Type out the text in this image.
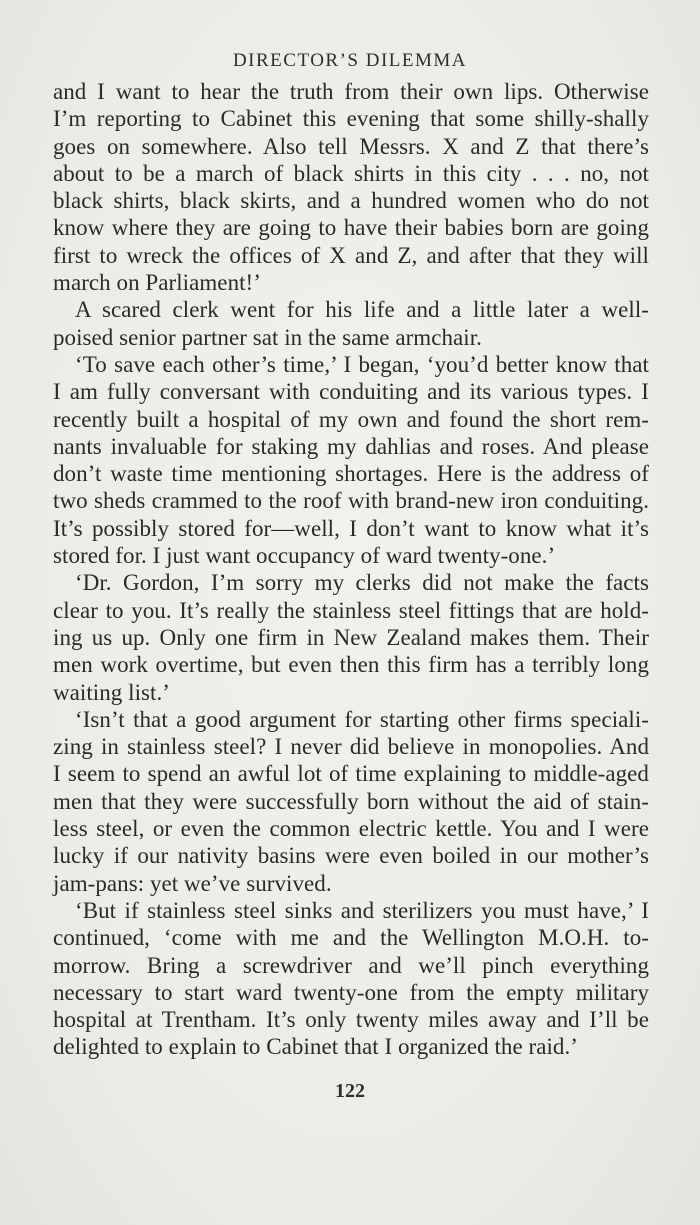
DIRECTOR’S DILEMMA
and I want to hear the truth from their own lips. Otherwise
I’m reporting to Cabinet this evening that some shilly-shally
goes on somewhere. Also tell Messrs. X and Z that there’s
about to be a march of black shirts in this city . . . no, not
black shirts, black skirts, and a hundred women who do not
know where they are going to have their babies born are going
first to wreck the offices of X and Z, and after that they will
march on Parliament!’
A scared clerk went for his life and a little later a well-
poised senior partner sat in the same armchair.
‘To save each other’s time,’ I began, ‘you’d better know that
I am fully conversant with conduiting and its various types. I
recently built a hospital of my own and found the short rem-
nants invaluable for staking my dahlias and roses. And please
don’t waste time mentioning shortages. Here is the address of
two sheds crammed to the roof with brand-new iron conduiting.
It’s possibly stored for—well, I don’t want to know what it’s
stored for. I just want occupancy of ward twenty-one.’
‘Dr. Gordon, I’m sorry my clerks did not make the facts
clear to you. It’s really the stainless steel fittings that are hold-
ing us up. Only one firm in New Zealand makes them. Their
men work overtime, but even then this firm has a terribly long
waiting list.’
‘Isn’t that a good argument for starting other firms speciali-
zing in stainless steel? I never did believe in monopolies. And
I seem to spend an awful lot of time explaining to middle-aged
men that they were successfully born without the aid of stain-
less steel, or even the common electric kettle. You and I were
lucky if our nativity basins were even boiled in our mother’s
jam-pans: yet we’ve survived.
‘But if stainless steel sinks and sterilizers you must have,’ I
continued, ‘come with me and the Wellington M.O.H. to-
morrow. Bring a screwdriver and we’ll pinch everything
necessary to start ward twenty-one from the empty military
hospital at Trentham. It’s only twenty miles away and I’ll be
delighted to explain to Cabinet that I organized the raid.’
122
